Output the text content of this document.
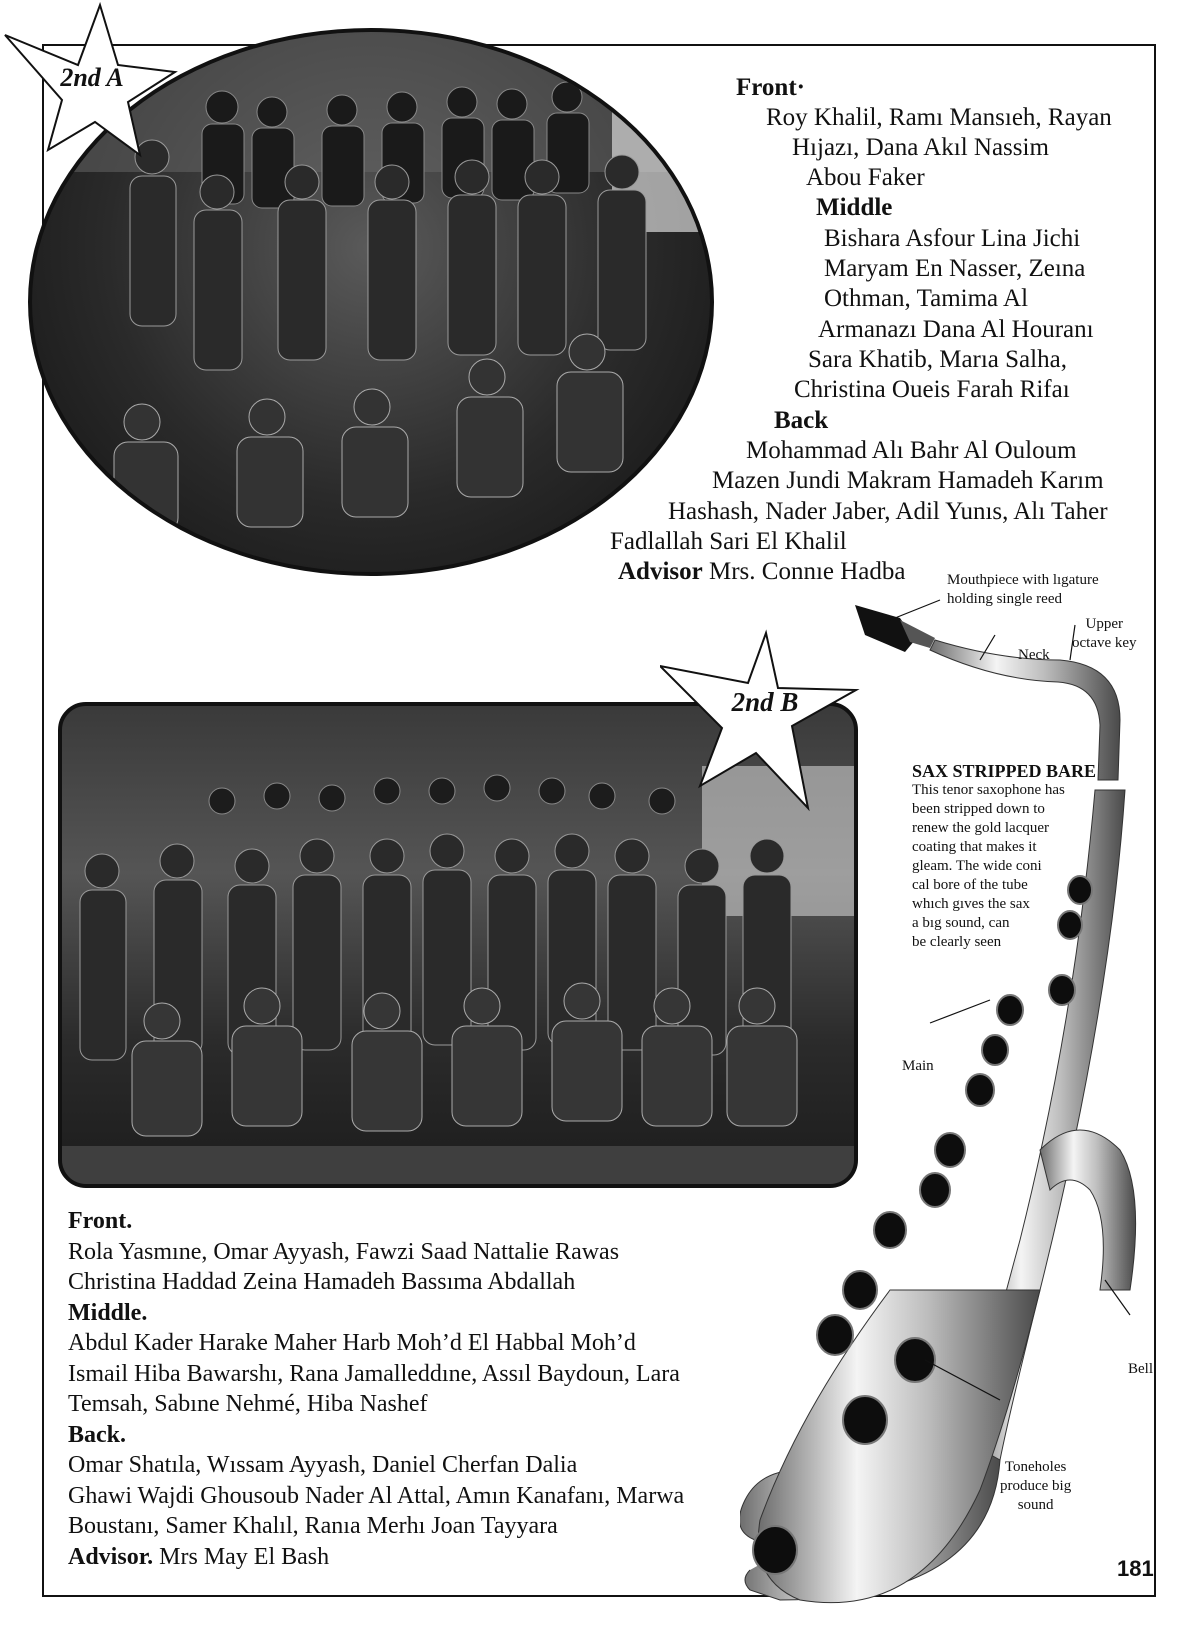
2nd A	Front·
Roy Khalil, Ramı Mansıeh, Rayan
Hıjazı, Dana Akıl Nassim
Abou Faker
Middle
Bishara Asfour Lina Jichi
Maryam En Nasser, Zeına
Othman, Tamima Al
Armanazı Dana Al Houranı
Sara Khatib, Marıa Salha,
Christina Oueis Farah Rifaı
Back
Mohammad Alı Bahr Al Ouloum
Mazen Jundi Makram Hamadeh Karım
Hashash, Nader Jaber, Adil Yunıs, Alı Taher
Fadlallah Sari El Khalil
Advisor Mrs. Connıe Hadba
2nd B
Front.
Rola Yasmıne, Omar Ayyash, Fawzi Saad Nattalie Rawas
Christina Haddad Zeina Hamadeh Bassıma Abdallah
Middle.
Abdul Kader Harake Maher Harb Moh’d El Habbal Moh’d
Ismail Hiba Bawarshı, Rana Jamalleddıne, Assıl Baydoun, Lara
Temsah, Sabıne Nehmé, Hiba Nashef
Back.
Omar Shatıla, Wıssam Ayyash, Daniel Cherfan Dalia
Ghawi Wajdi Ghousoub Nader Al Attal, Amın Kanafanı, Marwa
Boustanı, Samer Khalıl, Ranıa Merhı Joan Tayyara
Advisor. Mrs May El Bash
Mouthpiece with lıgature
holding single reed
Upper
octave key
Neck
SAX STRIPPED BARE
This tenor saxophone has
been stripped down to
renew the gold lacquer
coating that makes it
gleam. The wide coni
cal bore of the tube
whıch gıves the sax
a bıg sound, can
be clearly seen
Main
Bell
Toneholes
produce big
sound
181
